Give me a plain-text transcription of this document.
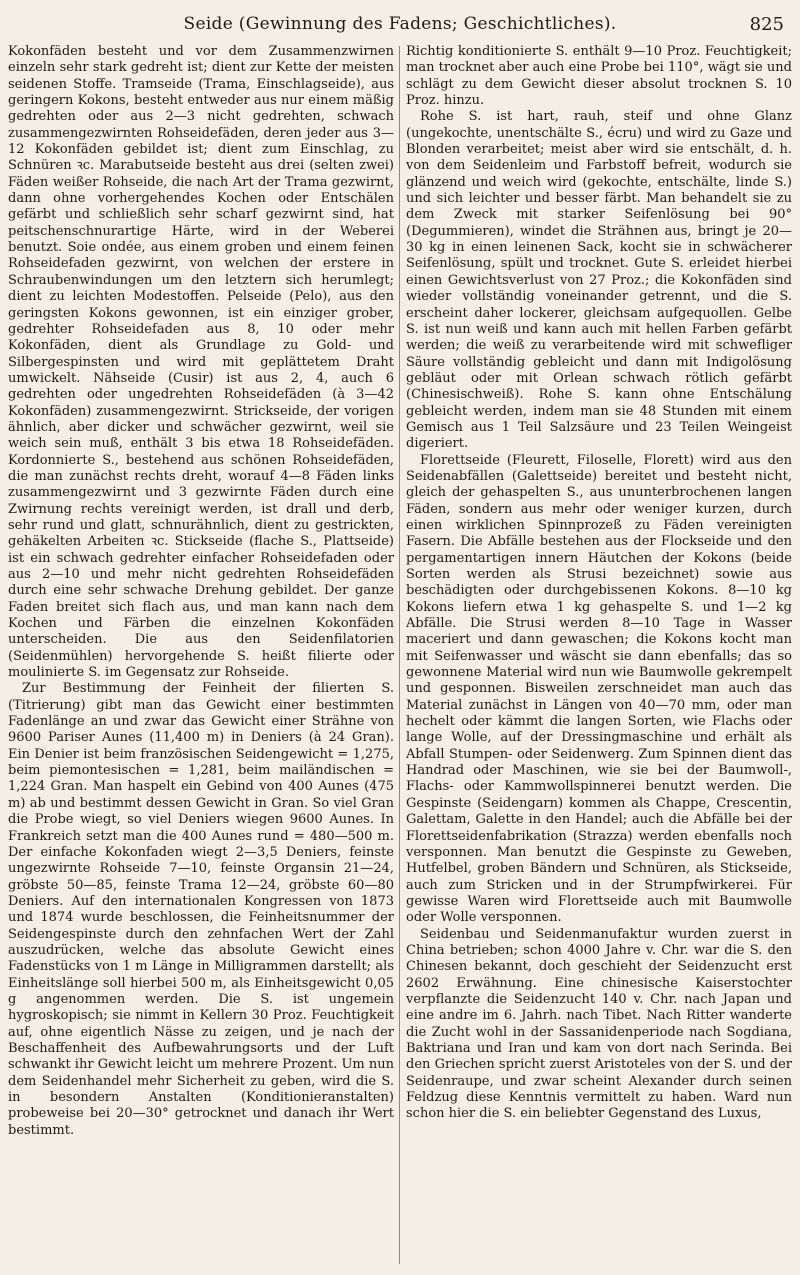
Seide (Gewinnung des Fadens; Geschichtliches).	825

Kokonfäden besteht und vor dem Zusammenzwirnen einzeln sehr stark gedreht ist; dient zur Kette der meisten seidenen Stoffe. Tramseide (Trama, Einschlagseide), aus geringern Kokons, besteht entweder aus nur einem mäßig gedrehten oder aus 2—3 nicht gedrehten, schwach zusammengezwirnten Rohseidefäden, deren jeder aus 3—12 Kokonfäden gebildet ist; dient zum Einschlag, zu Schnüren ꝛc. Marabutseide besteht aus drei (selten zwei) Fäden weißer Rohseide, die nach Art der Trama gezwirnt, dann ohne vorhergehendes Kochen oder Entschälen gefärbt und schließlich sehr scharf gezwirnt sind, hat peitschenschnurartige Härte, wird in der Weberei benutzt. Soie ondée, aus einem groben und einem feinen Rohseidefaden gezwirnt, von welchen der erstere in Schraubenwindungen um den letztern sich herumlegt; dient zu leichten Modestoffen. Pelseide (Pelo), aus den geringsten Kokons gewonnen, ist ein einziger grober, gedrehter Rohseidefaden aus 8, 10 oder mehr Kokonfäden, dient als Grundlage zu Gold- und Silbergespinsten und wird mit geplättetem Draht umwickelt. Nähseide (Cusir) ist aus 2, 4, auch 6 gedrehten oder ungedrehten Rohseidefäden (à 3—42 Kokonfäden) zusammengezwirnt. Strickseide, der vorigen ähnlich, aber dicker und schwächer gezwirnt, weil sie weich sein muß, enthält 3 bis etwa 18 Rohseidefäden. Kordonnierte S., bestehend aus schönen Rohseidefäden, die man zunächst rechts dreht, worauf 4—8 Fäden links zusammengezwirnt und 3 gezwirnte Fäden durch eine Zwirnung rechts vereinigt werden, ist drall und derb, sehr rund und glatt, schnurähnlich, dient zu gestrickten, gehäkelten Arbeiten ꝛc. Stickseide (flache S., Plattseide) ist ein schwach gedrehter einfacher Rohseidefaden oder aus 2—10 und mehr nicht gedrehten Rohseidefäden durch eine sehr schwache Drehung gebildet. Der ganze Faden breitet sich flach aus, und man kann nach dem Kochen und Färben die einzelnen Kokonfäden unterscheiden. Die aus den Seidenfilatorien (Seidenmühlen) hervorgehende S. heißt filierte oder moulinierte S. im Gegensatz zur Rohseide.

Zur Bestimmung der Feinheit der filierten S. (Titrierung) gibt man das Gewicht einer bestimmten Fadenlänge an und zwar das Gewicht einer Strähne von 9600 Pariser Aunes (11,400 m) in Deniers (à 24 Gran). Ein Denier ist beim französischen Seidengewicht = 1,275, beim piemontesischen = 1,281, beim mailändischen = 1,224 Gran. Man haspelt ein Gebind von 400 Aunes (475 m) ab und bestimmt dessen Gewicht in Gran. So viel Gran die Probe wiegt, so viel Deniers wiegen 9600 Aunes. In Frankreich setzt man die 400 Aunes rund = 480—500 m. Der einfache Kokonfaden wiegt 2—3,5 Deniers, feinste ungezwirnte Rohseide 7—10, feinste Organsin 21—24, gröbste 50—85, feinste Trama 12—24, gröbste 60—80 Deniers. Auf den internationalen Kongressen von 1873 und 1874 wurde beschlossen, die Feinheitsnummer der Seidengespinste durch den zehnfachen Wert der Zahl auszudrücken, welche das absolute Gewicht eines Fadenstücks von 1 m Länge in Milligrammen darstellt; als Einheitslänge soll hierbei 500 m, als Einheitsgewicht 0,05 g angenommen werden. Die S. ist ungemein hygroskopisch; sie nimmt in Kellern 30 Proz. Feuchtigkeit auf, ohne eigentlich Nässe zu zeigen, und je nach der Beschaffenheit des Aufbewahrungsorts und der Luft schwankt ihr Gewicht leicht um mehrere Prozent. Um nun dem Seidenhandel mehr Sicherheit zu geben, wird die S. in besondern Anstalten (Konditionieranstalten) probeweise bei 20—30° getrocknet und danach ihr Wert bestimmt.

Richtig konditionierte S. enthält 9—10 Proz. Feuchtigkeit; man trocknet aber auch eine Probe bei 110°, wägt sie und schlägt zu dem Gewicht dieser absolut trocknen S. 10 Proz. hinzu.

Rohe S. ist hart, rauh, steif und ohne Glanz (ungekochte, unentschälte S., écru) und wird zu Gaze und Blonden verarbeitet; meist aber wird sie entschält, d. h. von dem Seidenleim und Farbstoff befreit, wodurch sie glänzend und weich wird (gekochte, entschälte, linde S.) und sich leichter und besser färbt. Man behandelt sie zu dem Zweck mit starker Seifenlösung bei 90° (Degummieren), windet die Strähnen aus, bringt je 20—30 kg in einen leinenen Sack, kocht sie in schwächerer Seifenlösung, spült und trocknet. Gute S. erleidet hierbei einen Gewichtsverlust von 27 Proz.; die Kokonfäden sind wieder vollständig voneinander getrennt, und die S. erscheint daher lockerer, gleichsam aufgequollen. Gelbe S. ist nun weiß und kann auch mit hellen Farben gefärbt werden; die weiß zu verarbeitende wird mit schwefliger Säure vollständig gebleicht und dann mit Indigolösung gebläut oder mit Orlean schwach rötlich gefärbt (Chinesischweiß). Rohe S. kann ohne Entschälung gebleicht werden, indem man sie 48 Stunden mit einem Gemisch aus 1 Teil Salzsäure und 23 Teilen Weingeist digeriert.

Florettseide (Fleurett, Filoselle, Florett) wird aus den Seidenabfällen (Galettseide) bereitet und besteht nicht, gleich der gehaspelten S., aus ununterbrochenen langen Fäden, sondern aus mehr oder weniger kurzen, durch einen wirklichen Spinnprozeß zu Fäden vereinigten Fasern. Die Abfälle bestehen aus der Flockseide und den pergamentartigen innern Häutchen der Kokons (beide Sorten werden als Strusi bezeichnet) sowie aus beschädigten oder durchgebissenen Kokons. 8—10 kg Kokons liefern etwa 1 kg gehaspelte S. und 1—2 kg Abfälle. Die Strusi werden 8—10 Tage in Wasser maceriert und dann gewaschen; die Kokons kocht man mit Seifenwasser und wäscht sie dann ebenfalls; das so gewonnene Material wird nun wie Baumwolle gekrempelt und gesponnen. Bisweilen zerschneidet man auch das Material zunächst in Längen von 40—70 mm, oder man hechelt oder kämmt die langen Sorten, wie Flachs oder lange Wolle, auf der Dressingmaschine und erhält als Abfall Stumpen- oder Seidenwerg. Zum Spinnen dient das Handrad oder Maschinen, wie sie bei der Baumwoll-, Flachs- oder Kammwollspinnerei benutzt werden. Die Gespinste (Seidengarn) kommen als Chappe, Crescentin, Galettam, Galette in den Handel; auch die Abfälle bei der Florettseidenfabrikation (Strazza) werden ebenfalls noch versponnen. Man benutzt die Gespinste zu Geweben, Hutfelbel, groben Bändern und Schnüren, als Stickseide, auch zum Stricken und in der Strumpfwirkerei. Für gewisse Waren wird Florettseide auch mit Baumwolle oder Wolle versponnen.

Seidenbau und Seidenmanufaktur wurden zuerst in China betrieben; schon 4000 Jahre v. Chr. war die S. den Chinesen bekannt, doch geschieht der Seidenzucht erst 2602 Erwähnung. Eine chinesische Kaiserstochter verpflanzte die Seidenzucht 140 v. Chr. nach Japan und eine andre im 6. Jahrh. nach Tibet. Nach Ritter wanderte die Zucht wohl in der Sassanidenperiode nach Sogdiana, Baktriana und Iran und kam von dort nach Serinda. Bei den Griechen spricht zuerst Aristoteles von der S. und der Seidenraupe, und zwar scheint Alexander durch seinen Feldzug diese Kenntnis vermittelt zu haben. Ward nun schon hier die S. ein beliebter Gegenstand des Luxus,
